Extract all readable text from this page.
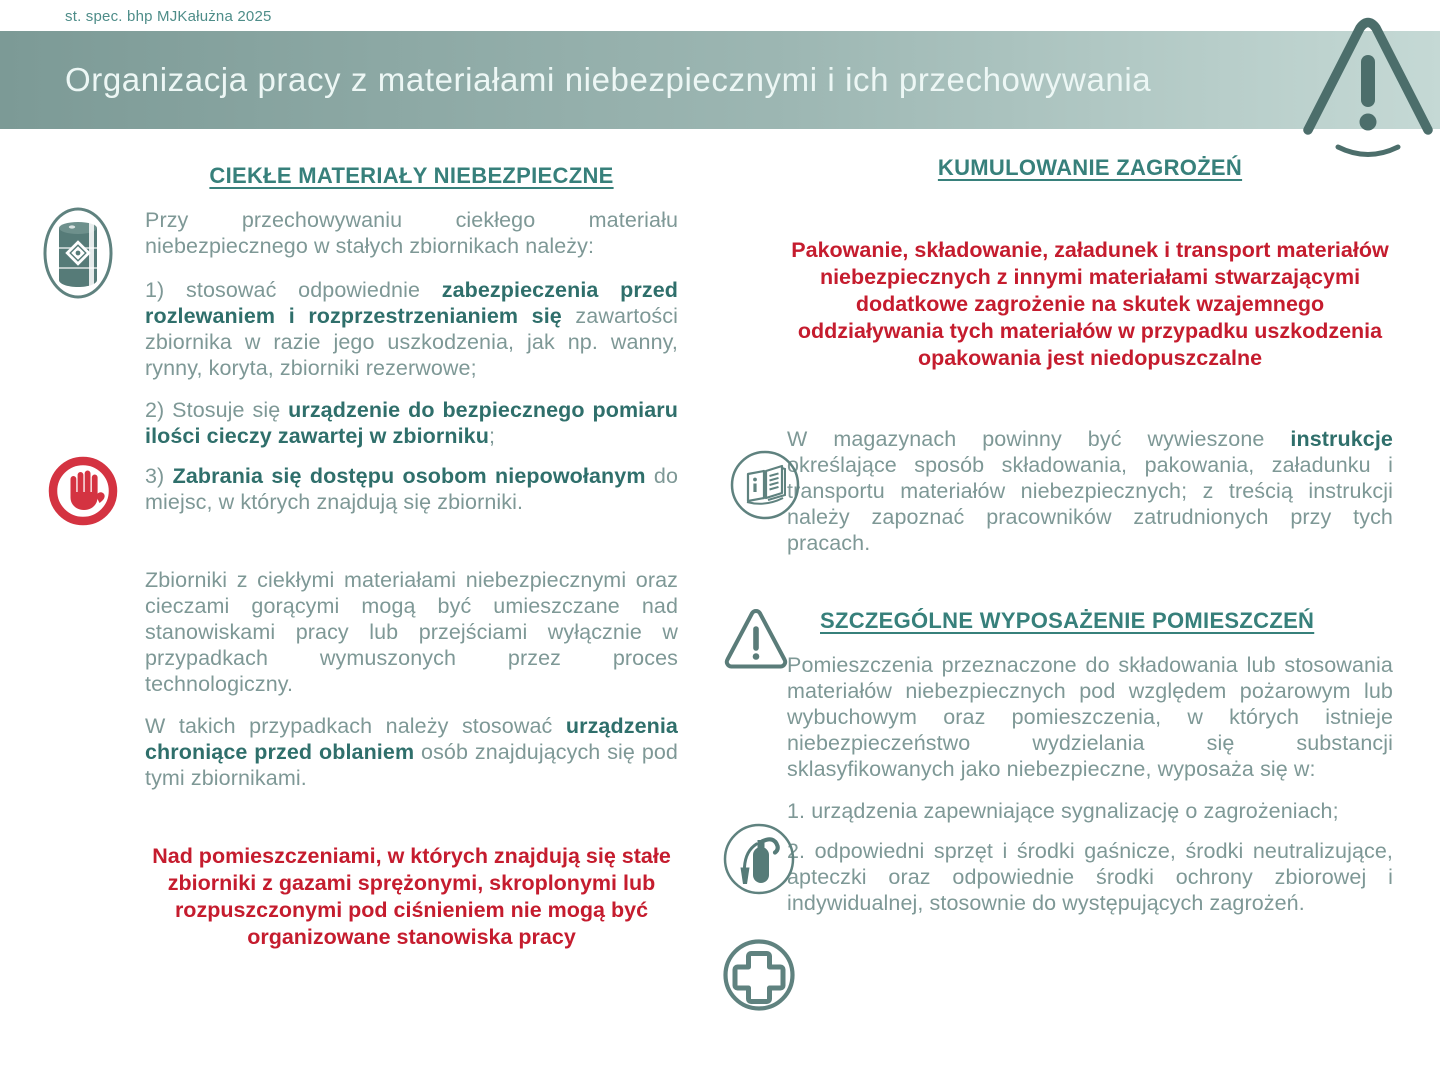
st. spec. bhp MJKałużna 2025
Organizacja pracy z materiałami niebezpiecznymi i ich przechowywania
CIEKŁE MATERIAŁY NIEBEZPIECZNE

Przy przechowywaniu ciekłego materiału niebezpiecznego w stałych zbiornikach należy:

1) stosować odpowiednie zabezpieczenia przed rozlewaniem i rozprzestrzenianiem się zawartości zbiornika w razie jego uszkodzenia, jak np. wanny, rynny, koryta, zbiorniki rezerwowe;

2) Stosuje się urządzenie do bezpiecznego pomiaru ilości cieczy zawartej w zbiorniku;

3) Zabrania się dostępu osobom niepowołanym do miejsc, w których znajdują się zbiorniki.

Zbiorniki z ciekłymi materiałami niebezpiecznymi oraz cieczami gorącymi mogą być umieszczane nad stanowiskami pracy lub przejściami wyłącznie w przypadkach wymuszonych przez proces technologiczny.

W takich przypadkach należy stosować urządzenia chroniące przed oblaniem osób znajdujących się pod tymi zbiornikami.

Nad pomieszczeniami, w których znajdują się stałe zbiorniki z gazami sprężonymi, skroplonymi lub rozpuszczonymi pod ciśnieniem nie mogą być organizowane stanowiska pracy

KUMULOWANIE ZAGROŻEŃ

Pakowanie, składowanie, załadunek i transport materiałów niebezpiecznych z innymi materiałami stwarzającymi dodatkowe zagrożenie na skutek wzajemnego oddziaływania tych materiałów w przypadku uszkodzenia opakowania jest niedopuszczalne

W magazynach powinny być wywieszone instrukcje określające sposób składowania, pakowania, załadunku i transportu materiałów niebezpiecznych; z treścią instrukcji należy zapoznać pracowników zatrudnionych przy tych pracach.

SZCZEGÓLNE WYPOSAŻENIE POMIESZCZEŃ

Pomieszczenia przeznaczone do składowania lub stosowania materiałów niebezpiecznych pod względem pożarowym lub wybuchowym oraz pomieszczenia, w których istnieje niebezpieczeństwo wydzielania się substancji sklasyfikowanych jako niebezpieczne, wyposaża się w:

1. urządzenia zapewniające sygnalizację o zagrożeniach;

2. odpowiedni sprzęt i środki gaśnicze, środki neutralizujące, apteczki oraz odpowiednie środki ochrony zbiorowej i indywidualnej, stosownie do występujących zagrożeń.
